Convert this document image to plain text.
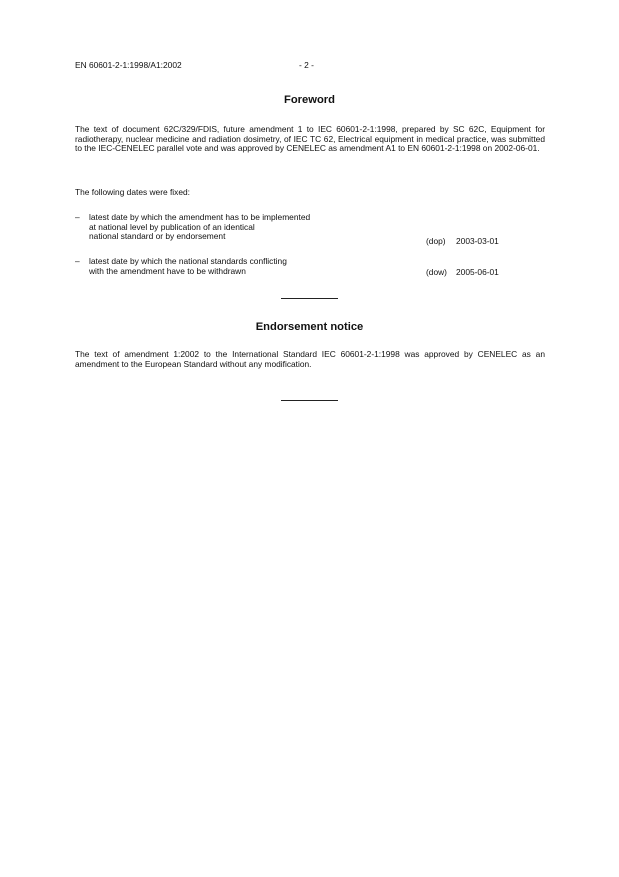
EN 60601-2-1:1998/A1:2002	- 2 -
Foreword

The text of document 62C/329/FDIS, future amendment 1 to IEC 60601-2-1:1998, prepared by SC 62C, Equipment for radiotherapy, nuclear medicine and radiation dosimetry, of IEC TC 62, Electrical equipment in medical practice, was submitted to the IEC-CENELEC parallel vote and was approved by CENELEC as amendment A1 to EN 60601-2-1:1998 on 2002-06-01.

The following dates were fixed:

– latest date by which the amendment has to be implemented
at national level by publication of an identical
national standard or by endorsement	(dop) 2003-03-01
– latest date by which the national standards conflicting
with the amendment have to be withdrawn	(dow) 2005-06-01
Endorsement notice

The text of amendment 1:2002 to the International Standard IEC 60601-2-1:1998 was approved by CENELEC as an amendment to the European Standard without any modification.
